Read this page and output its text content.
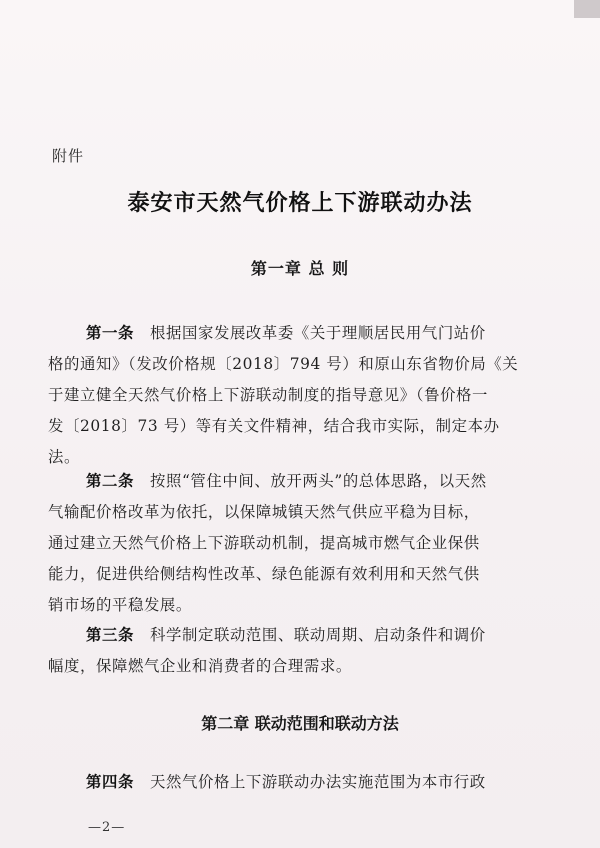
附件
泰安市天然气价格上下游联动办法
第一章 总 则
第一条 根据国家发展改革委《关于理顺居民用气门站价
格的通知》（发改价格规〔2018〕794 号）和原山东省物价局《关
于建立健全天然气价格上下游联动制度的指导意见》（鲁价格一
发〔2018〕73 号）等有关文件精神，结合我市实际，制定本办
法。
第二条 按照“管住中间、放开两头”的总体思路，以天然
气输配价格改革为依托，以保障城镇天然气供应平稳为目标，
通过建立天然气价格上下游联动机制，提高城市燃气企业保供
能力，促进供给侧结构性改革、绿色能源有效利用和天然气供
销市场的平稳发展。
第三条 科学制定联动范围、联动周期、启动条件和调价
幅度，保障燃气企业和消费者的合理需求。
第二章 联动范围和联动方法
第四条 天然气价格上下游联动办法实施范围为本市行政
—2—
